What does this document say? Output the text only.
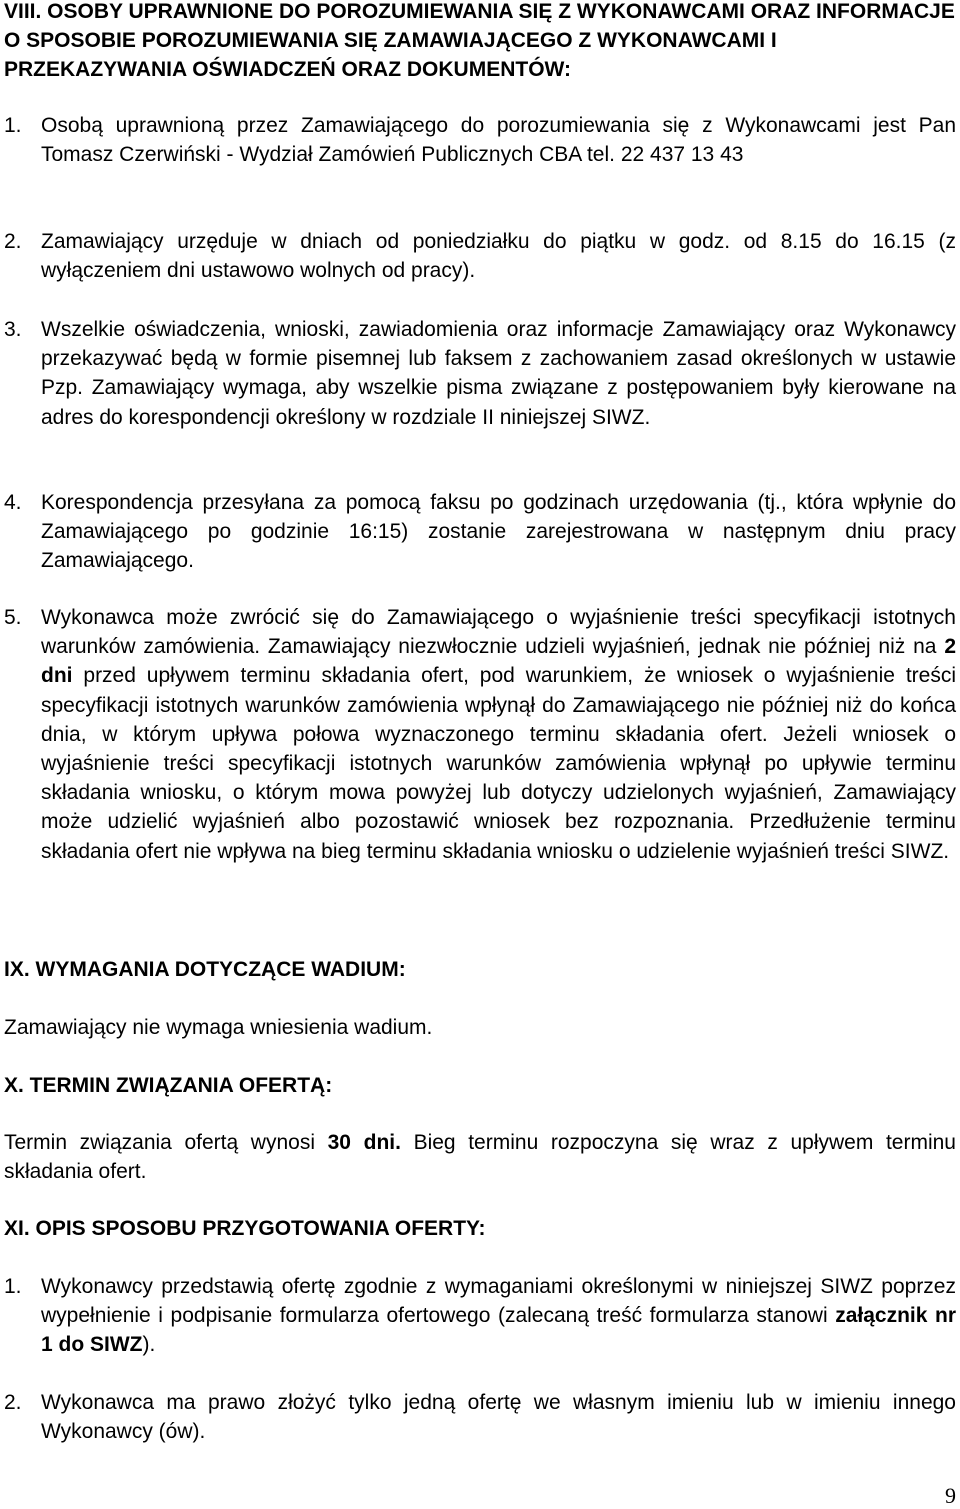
VIII. OSOBY UPRAWNIONE DO POROZUMIEWANIA SIĘ Z WYKONAWCAMI ORAZ INFORMACJE O SPOSOBIE POROZUMIEWANIA SIĘ ZAMAWIAJĄCEGO Z WYKONAWCAMI I PRZEKAZYWANIA OŚWIADCZEŃ ORAZ DOKUMENTÓW:

1. Osobą uprawnioną przez Zamawiającego do porozumiewania się z Wykonawcami jest Pan Tomasz Czerwiński - Wydział Zamówień Publicznych CBA tel. 22 437 13 43
2. Zamawiający urzęduje w dniach od poniedziałku do piątku w godz. od 8.15 do 16.15 (z wyłączeniem dni ustawowo wolnych od pracy).
3. Wszelkie oświadczenia, wnioski, zawiadomienia oraz informacje Zamawiający oraz Wykonawcy przekazywać będą w formie pisemnej lub faksem z zachowaniem zasad określonych w ustawie Pzp. Zamawiający wymaga, aby wszelkie pisma związane z postępowaniem były kierowane na adres do korespondencji określony w rozdziale II niniejszej SIWZ.
4. Korespondencja przesyłana za pomocą faksu po godzinach urzędowania (tj., która wpłynie do Zamawiającego po godzinie 16:15) zostanie zarejestrowana w następnym dniu pracy Zamawiającego.
5. Wykonawca może zwrócić się do Zamawiającego o wyjaśnienie treści specyfikacji istotnych warunków zamówienia. Zamawiający niezwłocznie udzieli wyjaśnień, jednak nie później niż na 2 dni przed upływem terminu składania ofert, pod warunkiem, że wniosek o wyjaśnienie treści specyfikacji istotnych warunków zamówienia wpłynął do Zamawiającego nie później niż do końca dnia, w którym upływa połowa wyznaczonego terminu składania ofert. Jeżeli wniosek o wyjaśnienie treści specyfikacji istotnych warunków zamówienia wpłynął po upływie terminu składania wniosku, o którym mowa powyżej lub dotyczy udzielonych wyjaśnień, Zamawiający może udzielić wyjaśnień albo pozostawić wniosek bez rozpoznania. Przedłużenie terminu składania ofert nie wpływa na bieg terminu składania wniosku o udzielenie wyjaśnień treści SIWZ.

IX. WYMAGANIA DOTYCZĄCE WADIUM:

Zamawiający nie wymaga wniesienia wadium.

X. TERMIN ZWIĄZANIA OFERTĄ:

Termin związania ofertą wynosi 30 dni. Bieg terminu rozpoczyna się wraz z upływem terminu składania ofert.

XI. OPIS SPOSOBU PRZYGOTOWANIA OFERTY:

1. Wykonawcy przedstawią ofertę zgodnie z wymaganiami określonymi w niniejszej SIWZ poprzez wypełnienie i podpisanie formularza ofertowego (zalecaną treść formularza stanowi załącznik nr 1 do SIWZ).
2. Wykonawca ma prawo złożyć tylko jedną ofertę we własnym imieniu lub w imieniu innego Wykonawcy (ów).
9
